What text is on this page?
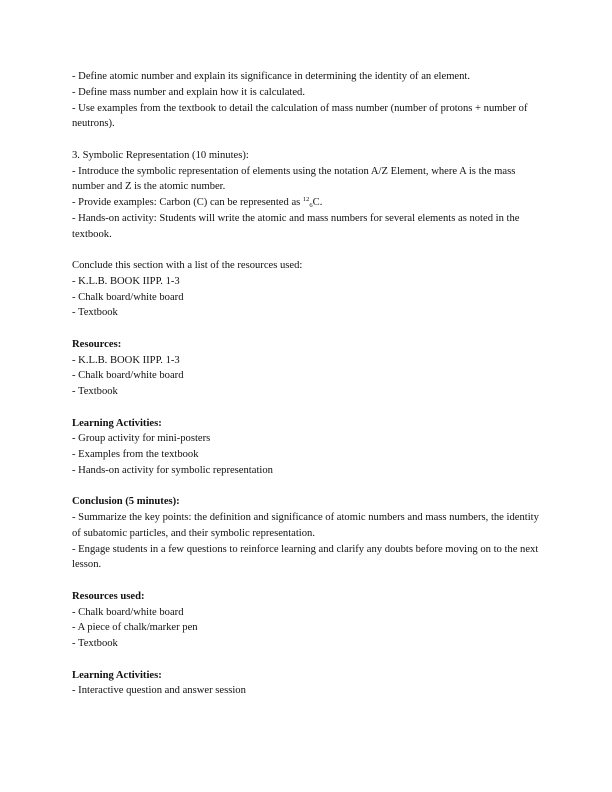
- Define atomic number and explain its significance in determining the identity of an element.
- Define mass number and explain how it is calculated.
- Use examples from the textbook to detail the calculation of mass number (number of protons + number of neutrons).
3. Symbolic Representation (10 minutes):
- Introduce the symbolic representation of elements using the notation A/Z Element, where A is the mass number and Z is the atomic number.
- Provide examples: Carbon (C) can be represented as $^{12}_6$C.
- Hands-on activity: Students will write the atomic and mass numbers for several elements as noted in the textbook.
Conclude this section with a list of the resources used:
- K.L.B. BOOK IIPP. 1-3
- Chalk board/white board
- Textbook
Resources:
- K.L.B. BOOK IIPP. 1-3
- Chalk board/white board
- Textbook
Learning Activities:
- Group activity for mini-posters
- Examples from the textbook
- Hands-on activity for symbolic representation
Conclusion (5 minutes):
- Summarize the key points: the definition and significance of atomic numbers and mass numbers, the identity of subatomic particles, and their symbolic representation.
- Engage students in a few questions to reinforce learning and clarify any doubts before moving on to the next lesson.
Resources used:
- Chalk board/white board
- A piece of chalk/marker pen
- Textbook
Learning Activities:
- Interactive question and answer session
